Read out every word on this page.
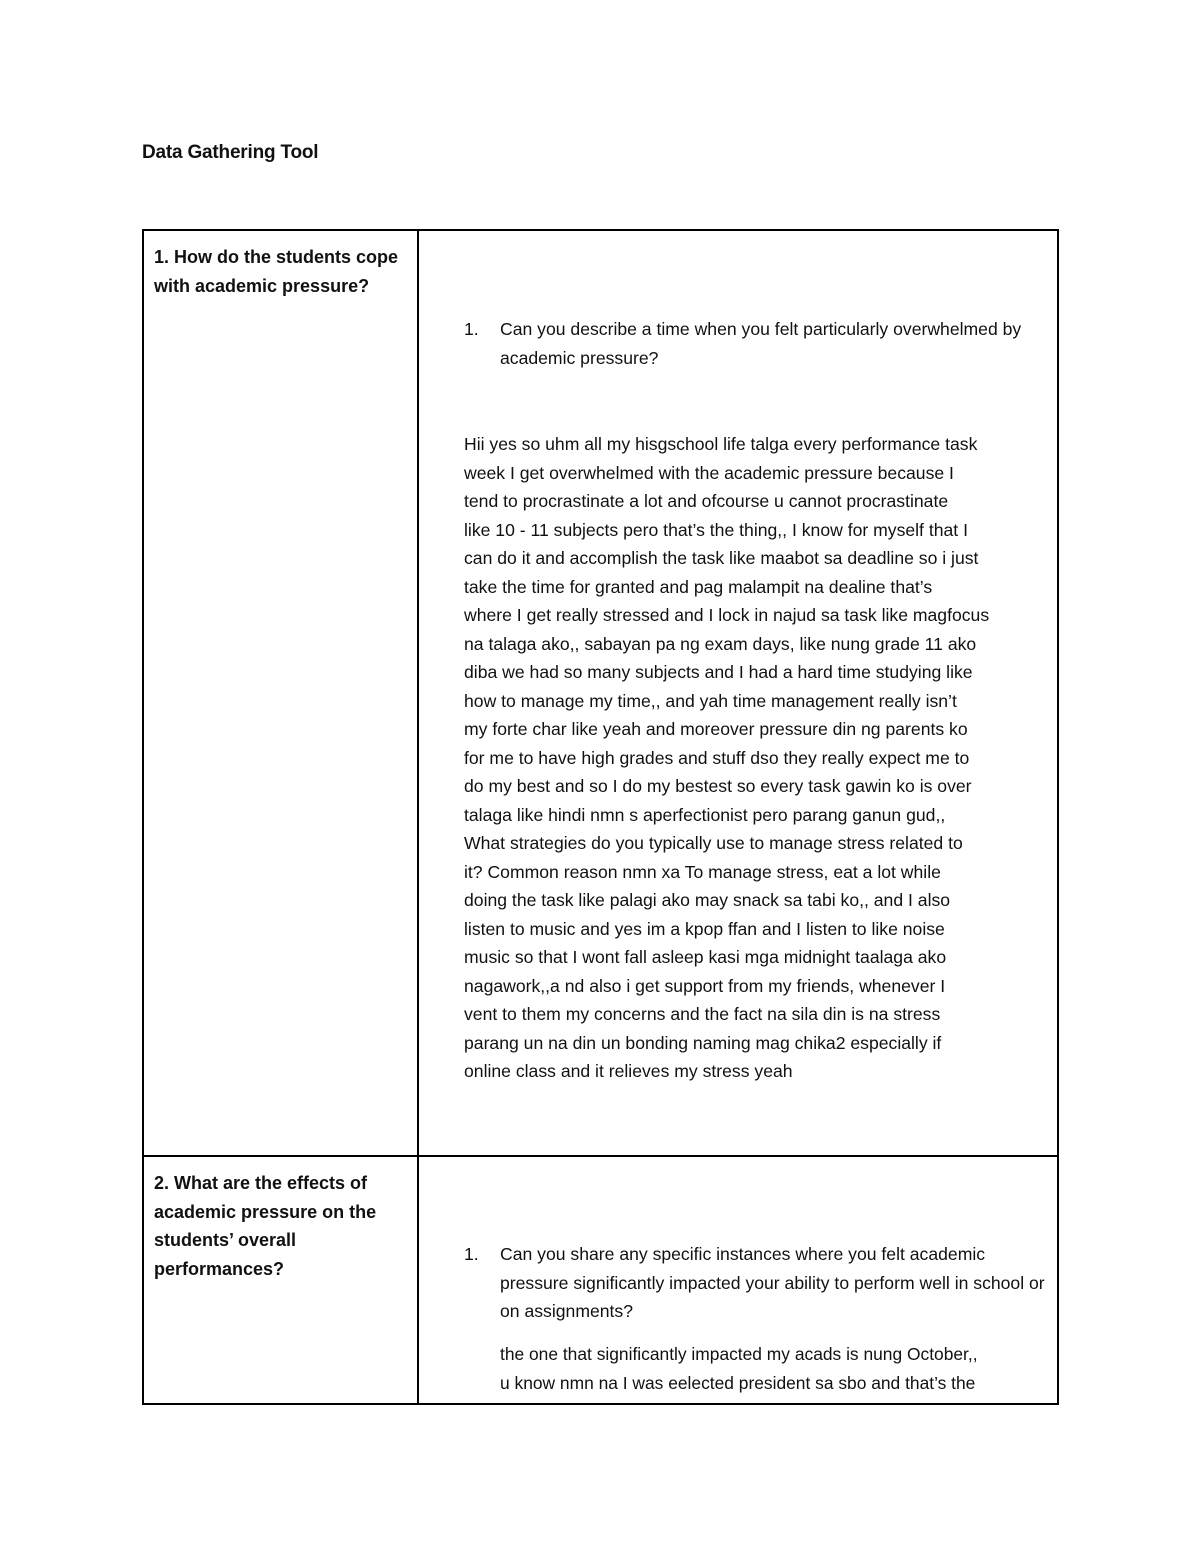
Data Gathering Tool
1. How do the students cope with academic pressure?
1. Can you describe a time when you felt particularly overwhelmed by academic pressure?
Hii yes so uhm all my hisgschool life talga every performance task
week I get overwhelmed with the academic pressure because I
tend to procrastinate a lot and ofcourse u cannot procrastinate
like 10 - 11 subjects pero that’s the thing,, I know for myself that I
can do it and accomplish the task like maabot sa deadline so i just
take the time for granted and pag malampit na dealine that’s
where I get really stressed and I lock in najud sa task like magfocus
na talaga ako,, sabayan pa ng exam days, like nung grade 11 ako
diba we had so many subjects and I had a hard time studying like
how to manage my time,, and yah time management really isn’t
my forte char like yeah and moreover pressure din ng parents ko
for me to have high grades and stuff dso they really expect me to
do my best and so I do my bestest so every task gawin ko is over
talaga like hindi nmn s aperfectionist pero parang ganun gud,,
What strategies do you typically use to manage stress related to
it? Common reason nmn xa To manage stress, eat a lot while
doing the task like palagi ako may snack sa tabi ko,, and I also
listen to music and yes im a kpop ffan and I listen to like noise
music so that I wont fall asleep kasi mga midnight taalaga ako
nagawork,,a nd also i get support from my friends, whenever I
vent to them my concerns and the fact na sila din is na stress
parang un na din un bonding naming mag chika2 especially if
online class and it relieves my stress yeah
2. What are the effects of academic pressure on the students’ overall performances?
1. Can you share any specific instances where you felt academic pressure significantly impacted your ability to perform well in school or on assignments?
the one that significantly impacted my acads is nung October,,
u know nmn na I was eelected president sa sbo and that’s the
